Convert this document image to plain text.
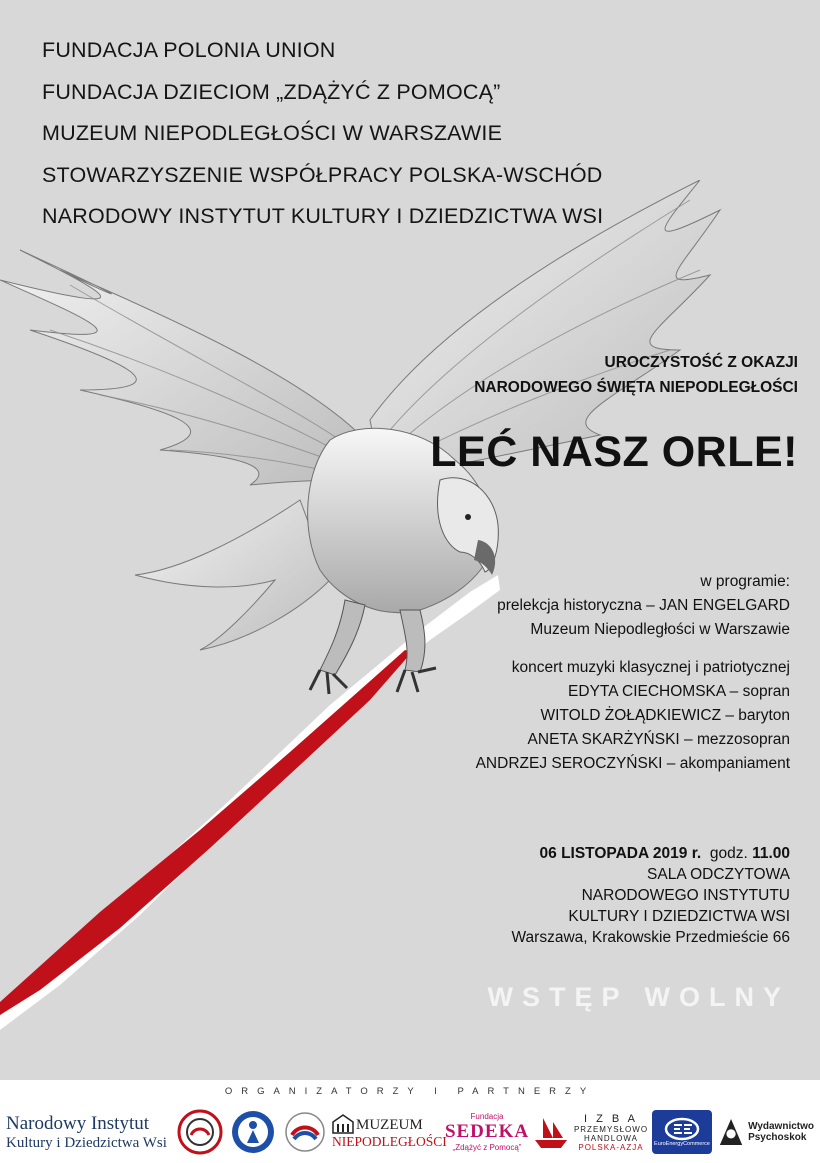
FUNDACJA POLONIA UNION
FUNDACJA DZIECIOM „ZDĄŻYĆ Z POMOCĄ”
MUZEUM NIEPODLEGŁOŚCI W WARSZAWIE
STOWARZYSZENIE WSPÓŁPRACY POLSKA-WSCHÓD
NARODOWY INSTYTUT KULTURY I DZIEDZICTWA WSI
UROCZYSTOŚĆ Z OKAZJI
NARODOWEGO ŚWIĘTA NIEPODLEGŁOŚCI
LEĆ NASZ ORLE!
w programie:
prelekcja historyczna – JAN ENGELGARD
Muzeum Niepodległości w Warszawie
koncert muzyki klasycznej i patriotycznej
EDYTA CIECHOMSKA – sopran
WITOLD ŻOŁĄDKIEWICZ – baryton
ANETA SKARŻYŃSKI – mezzosopran
ANDRZEJ SEROCZYŃSKI – akompaniament
06 LISTOPADA 2019 r. godz. 11.00
SALA ODCZYTOWA
NARODOWEGO INSTYTUTU
KULTURY I DZIEDZICTWA WSI
Warszawa, Krakowskie Przedmieście 66
WSTĘP WOLNY
ORGANIZATORZY I PARTNERZY
Narodowy Instytut
Kultury i Dziedzictwa Wsi
MUZEUM
NIEPODLEGŁOŚCI
Fundacja
SEDEKA
„Zdążyć z Pomocą”
I Z B A
PRZEMYSŁOWO
HANDLOWA
POLSKA-AZJA EuroEnergyCommerce
Wydawnictwo
Psychoskok
